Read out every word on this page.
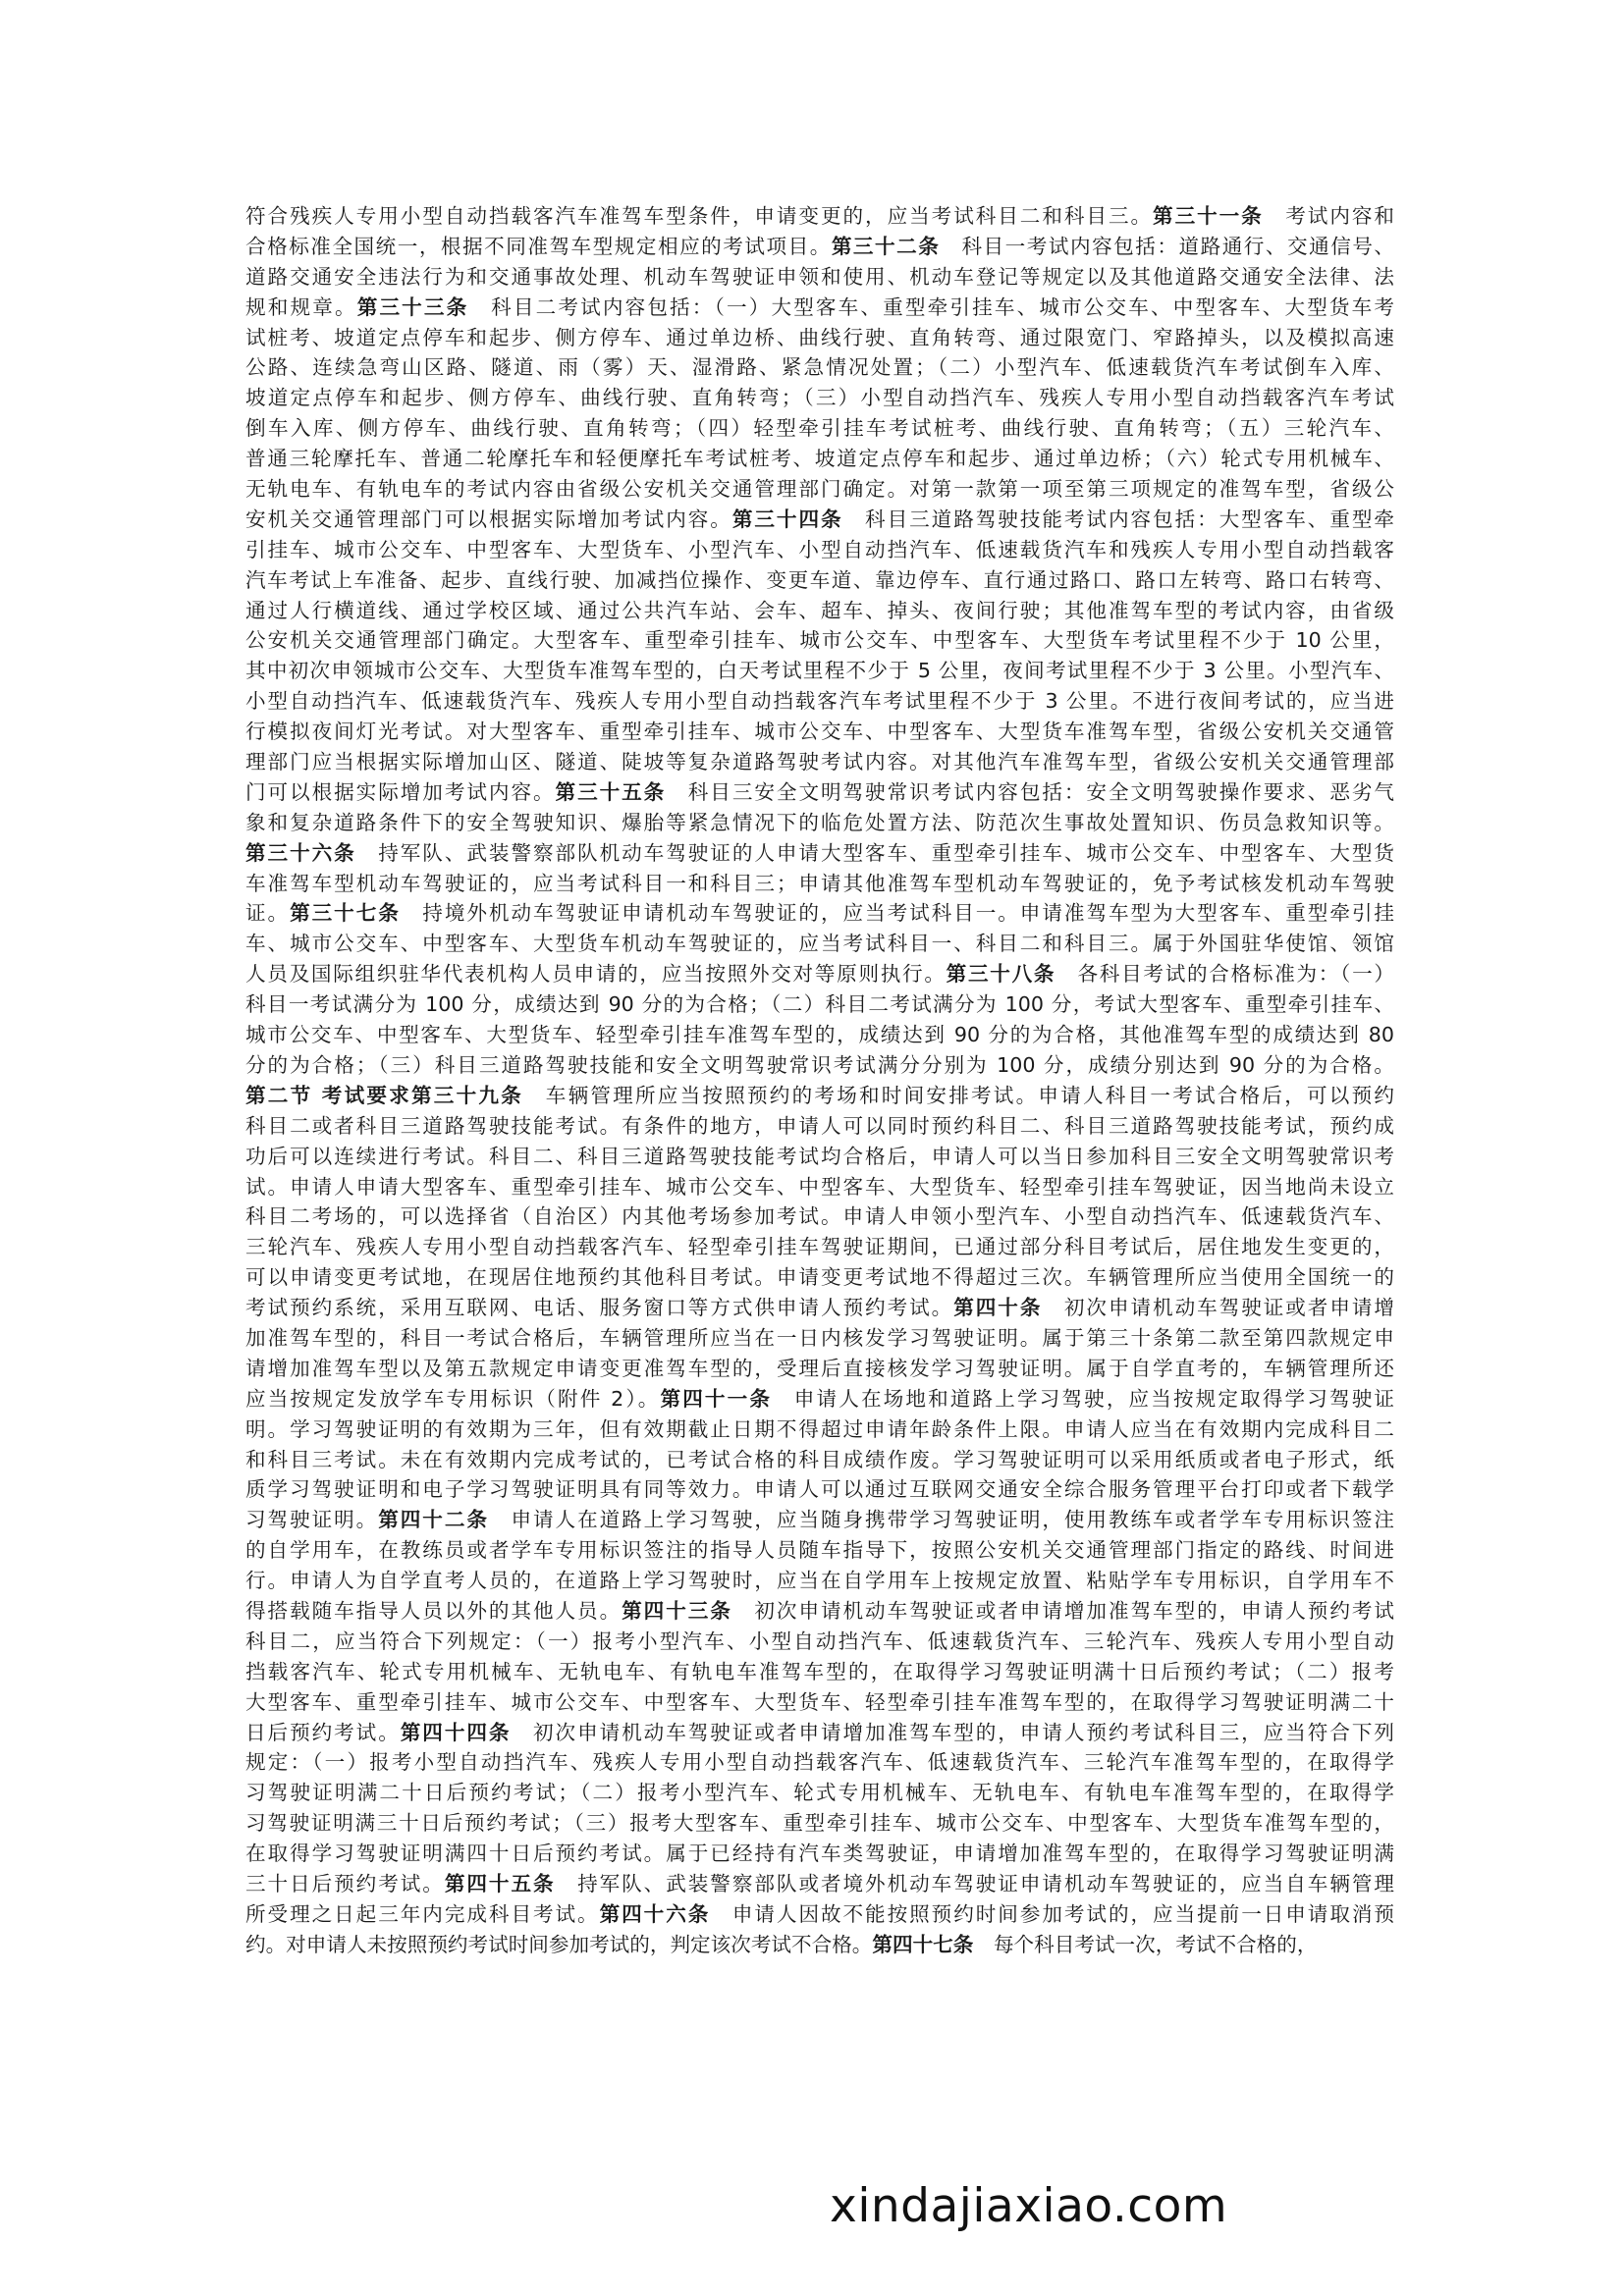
符合残疾人专用小型自动挡载客汽车准驾车型条件，申请变更的，应当考试科目二和科目三。第三十一条　考试内容和
合格标准全国统一，根据不同准驾车型规定相应的考试项目。第三十二条　科目一考试内容包括：道路通行、交通信号、
道路交通安全违法行为和交通事故处理、机动车驾驶证申领和使用、机动车登记等规定以及其他道路交通安全法律、法
规和规章。第三十三条　科目二考试内容包括：（一）大型客车、重型牵引挂车、城市公交车、中型客车、大型货车考
试桩考、坡道定点停车和起步、侧方停车、通过单边桥、曲线行驶、直角转弯、通过限宽门、窄路掉头，以及模拟高速
公路、连续急弯山区路、隧道、雨（雾）天、湿滑路、紧急情况处置；（二）小型汽车、低速载货汽车考试倒车入库、
坡道定点停车和起步、侧方停车、曲线行驶、直角转弯；（三）小型自动挡汽车、残疾人专用小型自动挡载客汽车考试
倒车入库、侧方停车、曲线行驶、直角转弯；（四）轻型牵引挂车考试桩考、曲线行驶、直角转弯；（五）三轮汽车、
普通三轮摩托车、普通二轮摩托车和轻便摩托车考试桩考、坡道定点停车和起步、通过单边桥；（六）轮式专用机械车、
无轨电车、有轨电车的考试内容由省级公安机关交通管理部门确定。对第一款第一项至第三项规定的准驾车型，省级公
安机关交通管理部门可以根据实际增加考试内容。第三十四条　科目三道路驾驶技能考试内容包括：大型客车、重型牵
引挂车、城市公交车、中型客车、大型货车、小型汽车、小型自动挡汽车、低速载货汽车和残疾人专用小型自动挡载客
汽车考试上车准备、起步、直线行驶、加减挡位操作、变更车道、靠边停车、直行通过路口、路口左转弯、路口右转弯、
通过人行横道线、通过学校区域、通过公共汽车站、会车、超车、掉头、夜间行驶；其他准驾车型的考试内容，由省级
公安机关交通管理部门确定。大型客车、重型牵引挂车、城市公交车、中型客车、大型货车考试里程不少于 10 公里，
其中初次申领城市公交车、大型货车准驾车型的，白天考试里程不少于 5 公里，夜间考试里程不少于 3 公里。小型汽车、
小型自动挡汽车、低速载货汽车、残疾人专用小型自动挡载客汽车考试里程不少于 3 公里。不进行夜间考试的，应当进
行模拟夜间灯光考试。对大型客车、重型牵引挂车、城市公交车、中型客车、大型货车准驾车型，省级公安机关交通管
理部门应当根据实际增加山区、隧道、陡坡等复杂道路驾驶考试内容。对其他汽车准驾车型，省级公安机关交通管理部
门可以根据实际增加考试内容。第三十五条　科目三安全文明驾驶常识考试内容包括：安全文明驾驶操作要求、恶劣气
象和复杂道路条件下的安全驾驶知识、爆胎等紧急情况下的临危处置方法、防范次生事故处置知识、伤员急救知识等。
第三十六条　持军队、武装警察部队机动车驾驶证的人申请大型客车、重型牵引挂车、城市公交车、中型客车、大型货
车准驾车型机动车驾驶证的，应当考试科目一和科目三；申请其他准驾车型机动车驾驶证的，免予考试核发机动车驾驶
证。第三十七条　持境外机动车驾驶证申请机动车驾驶证的，应当考试科目一。申请准驾车型为大型客车、重型牵引挂
车、城市公交车、中型客车、大型货车机动车驾驶证的，应当考试科目一、科目二和科目三。属于外国驻华使馆、领馆
人员及国际组织驻华代表机构人员申请的，应当按照外交对等原则执行。第三十八条　各科目考试的合格标准为：（一）
科目一考试满分为 100 分，成绩达到 90 分的为合格；（二）科目二考试满分为 100 分，考试大型客车、重型牵引挂车、
城市公交车、中型客车、大型货车、轻型牵引挂车准驾车型的，成绩达到 90 分的为合格，其他准驾车型的成绩达到 80
分的为合格；（三）科目三道路驾驶技能和安全文明驾驶常识考试满分分别为 100 分，成绩分别达到 90 分的为合格。
第二节 考试要求第三十九条　车辆管理所应当按照预约的考场和时间安排考试。申请人科目一考试合格后，可以预约
科目二或者科目三道路驾驶技能考试。有条件的地方，申请人可以同时预约科目二、科目三道路驾驶技能考试，预约成
功后可以连续进行考试。科目二、科目三道路驾驶技能考试均合格后，申请人可以当日参加科目三安全文明驾驶常识考
试。申请人申请大型客车、重型牵引挂车、城市公交车、中型客车、大型货车、轻型牵引挂车驾驶证，因当地尚未设立
科目二考场的，可以选择省（自治区）内其他考场参加考试。申请人申领小型汽车、小型自动挡汽车、低速载货汽车、
三轮汽车、残疾人专用小型自动挡载客汽车、轻型牵引挂车驾驶证期间，已通过部分科目考试后，居住地发生变更的，
可以申请变更考试地，在现居住地预约其他科目考试。申请变更考试地不得超过三次。车辆管理所应当使用全国统一的
考试预约系统，采用互联网、电话、服务窗口等方式供申请人预约考试。第四十条　初次申请机动车驾驶证或者申请增
加准驾车型的，科目一考试合格后，车辆管理所应当在一日内核发学习驾驶证明。属于第三十条第二款至第四款规定申
请增加准驾车型以及第五款规定申请变更准驾车型的，受理后直接核发学习驾驶证明。属于自学直考的，车辆管理所还
应当按规定发放学车专用标识（附件 2）。第四十一条　申请人在场地和道路上学习驾驶，应当按规定取得学习驾驶证
明。学习驾驶证明的有效期为三年，但有效期截止日期不得超过申请年龄条件上限。申请人应当在有效期内完成科目二
和科目三考试。未在有效期内完成考试的，已考试合格的科目成绩作废。学习驾驶证明可以采用纸质或者电子形式，纸
质学习驾驶证明和电子学习驾驶证明具有同等效力。申请人可以通过互联网交通安全综合服务管理平台打印或者下载学
习驾驶证明。第四十二条　申请人在道路上学习驾驶，应当随身携带学习驾驶证明，使用教练车或者学车专用标识签注
的自学用车，在教练员或者学车专用标识签注的指导人员随车指导下，按照公安机关交通管理部门指定的路线、时间进
行。申请人为自学直考人员的，在道路上学习驾驶时，应当在自学用车上按规定放置、粘贴学车专用标识，自学用车不
得搭载随车指导人员以外的其他人员。第四十三条　初次申请机动车驾驶证或者申请增加准驾车型的，申请人预约考试
科目二，应当符合下列规定：（一）报考小型汽车、小型自动挡汽车、低速载货汽车、三轮汽车、残疾人专用小型自动
挡载客汽车、轮式专用机械车、无轨电车、有轨电车准驾车型的，在取得学习驾驶证明满十日后预约考试；（二）报考
大型客车、重型牵引挂车、城市公交车、中型客车、大型货车、轻型牵引挂车准驾车型的，在取得学习驾驶证明满二十
日后预约考试。第四十四条　初次申请机动车驾驶证或者申请增加准驾车型的，申请人预约考试科目三，应当符合下列
规定：（一）报考小型自动挡汽车、残疾人专用小型自动挡载客汽车、低速载货汽车、三轮汽车准驾车型的，在取得学
习驾驶证明满二十日后预约考试；（二）报考小型汽车、轮式专用机械车、无轨电车、有轨电车准驾车型的，在取得学
习驾驶证明满三十日后预约考试；（三）报考大型客车、重型牵引挂车、城市公交车、中型客车、大型货车准驾车型的，
在取得学习驾驶证明满四十日后预约考试。属于已经持有汽车类驾驶证，申请增加准驾车型的，在取得学习驾驶证明满
三十日后预约考试。第四十五条　持军队、武装警察部队或者境外机动车驾驶证申请机动车驾驶证的，应当自车辆管理
所受理之日起三年内完成科目考试。第四十六条　申请人因故不能按照预约时间参加考试的，应当提前一日申请取消预
约。对申请人未按照预约考试时间参加考试的，判定该次考试不合格。第四十七条　每个科目考试一次，考试不合格的，
xindajiaxiao.com
